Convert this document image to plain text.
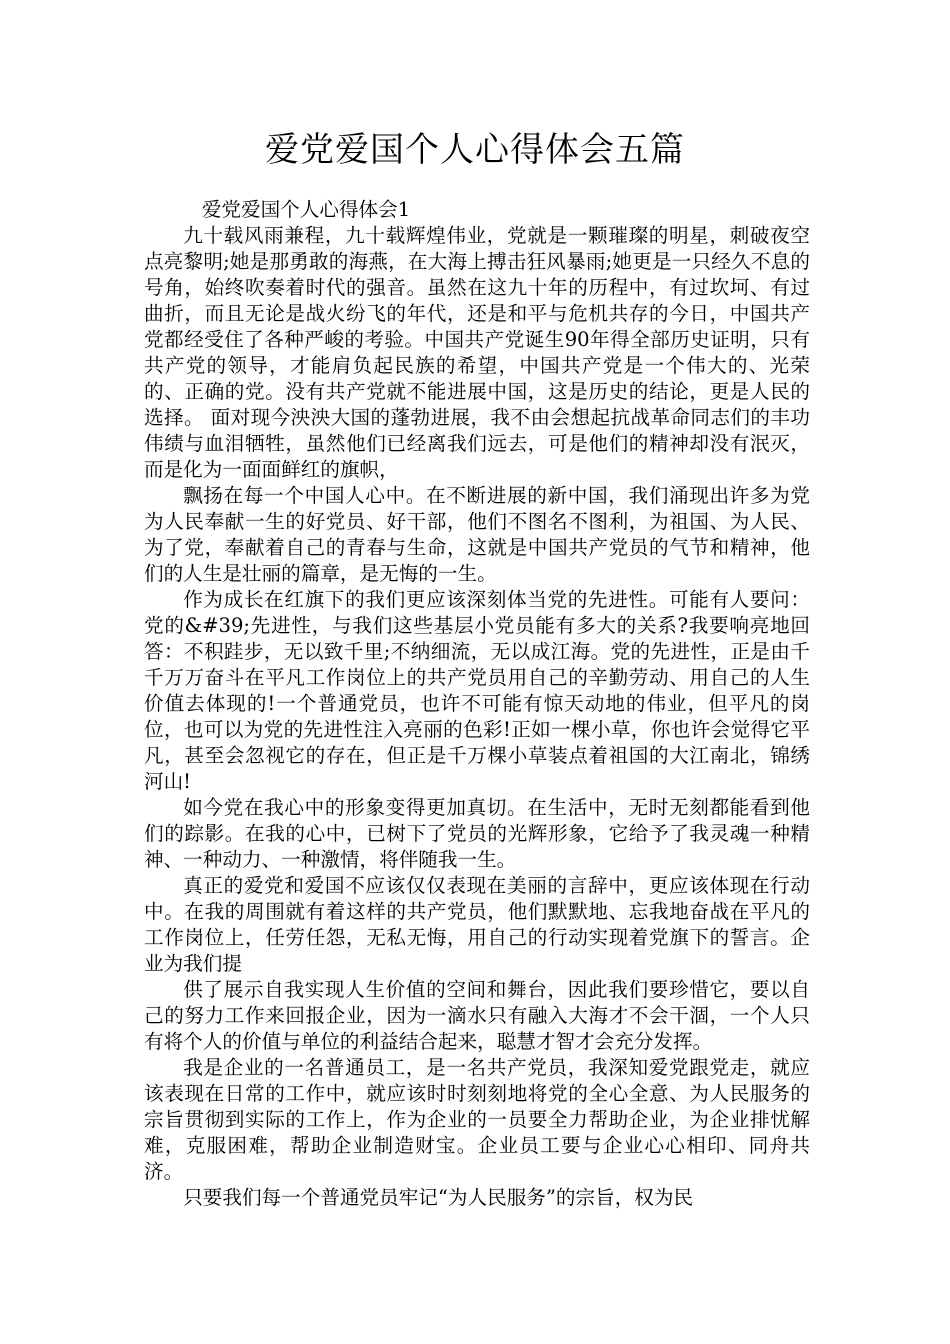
爱党爱国个人心得体会五篇

爱党爱国个人心得体会1

九十载风雨兼程，九十载辉煌伟业，党就是一颗璀璨的明星，刺破夜空点亮黎明;她是那勇敢的海燕，在大海上搏击狂风暴雨;她更是一只经久不息的号角，始终吹奏着时代的强音。虽然在这九十年的历程中，有过坎坷、有过曲折，而且无论是战火纷飞的年代，还是和平与危机共存的今日，中国共产党都经受住了各种严峻的考验。中国共产党诞生90年得全部历史证明，只有共产党的领导，才能肩负起民族的希望，中国共产党是一个伟大的、光荣的、正确的党。没有共产党就不能进展中国，这是历史的结论，更是人民的选择。 面对现今泱泱大国的蓬勃进展，我不由会想起抗战革命同志们的丰功伟绩与血泪牺牲，虽然他们已经离我们远去，可是他们的精神却没有泯灭，而是化为一面面鲜红的旗帜，

飘扬在每一个中国人心中。在不断进展的新中国，我们涌现出许多为党为人民奉献一生的好党员、好干部，他们不图名不图利，为祖国、为人民、为了党，奉献着自己的青春与生命，这就是中国共产党员的气节和精神，他们的人生是壮丽的篇章，是无悔的一生。

作为成长在红旗下的我们更应该深刻体当党的先进性。可能有人要问：党的&#39;先进性，与我们这些基层小党员能有多大的关系?我要响亮地回答：不积跬步，无以致千里;不纳细流，无以成江海。党的先进性，正是由千千万万奋斗在平凡工作岗位上的共产党员用自己的辛勤劳动、用自己的人生价值去体现的!一个普通党员，也许不可能有惊天动地的伟业，但平凡的岗位，也可以为党的先进性注入亮丽的色彩!正如一棵小草，你也许会觉得它平凡，甚至会忽视它的存在，但正是千万棵小草装点着祖国的大江南北，锦绣河山!

如今党在我心中的形象变得更加真切。在生活中，无时无刻都能看到他们的踪影。在我的心中，已树下了党员的光辉形象，它给予了我灵魂一种精神、一种动力、一种激情，将伴随我一生。

真正的爱党和爱国不应该仅仅表现在美丽的言辞中，更应该体现在行动中。在我的周围就有着这样的共产党员，他们默默地、忘我地奋战在平凡的工作岗位上，任劳任怨，无私无悔，用自己的行动实现着党旗下的誓言。企业为我们提

供了展示自我实现人生价值的空间和舞台，因此我们要珍惜它，要以自己的努力工作来回报企业，因为一滴水只有融入大海才不会干涸，一个人只有将个人的价值与单位的利益结合起来，聪慧才智才会充分发挥。

我是企业的一名普通员工，是一名共产党员，我深知爱党跟党走，就应该表现在日常的工作中，就应该时时刻刻地将党的全心全意、为人民服务的宗旨贯彻到实际的工作上，作为企业的一员要全力帮助企业，为企业排忧解难，克服困难，帮助企业制造财宝。企业员工要与企业心心相印、同舟共济。

只要我们每一个普通党员牢记“为人民服务”的宗旨，权为民
